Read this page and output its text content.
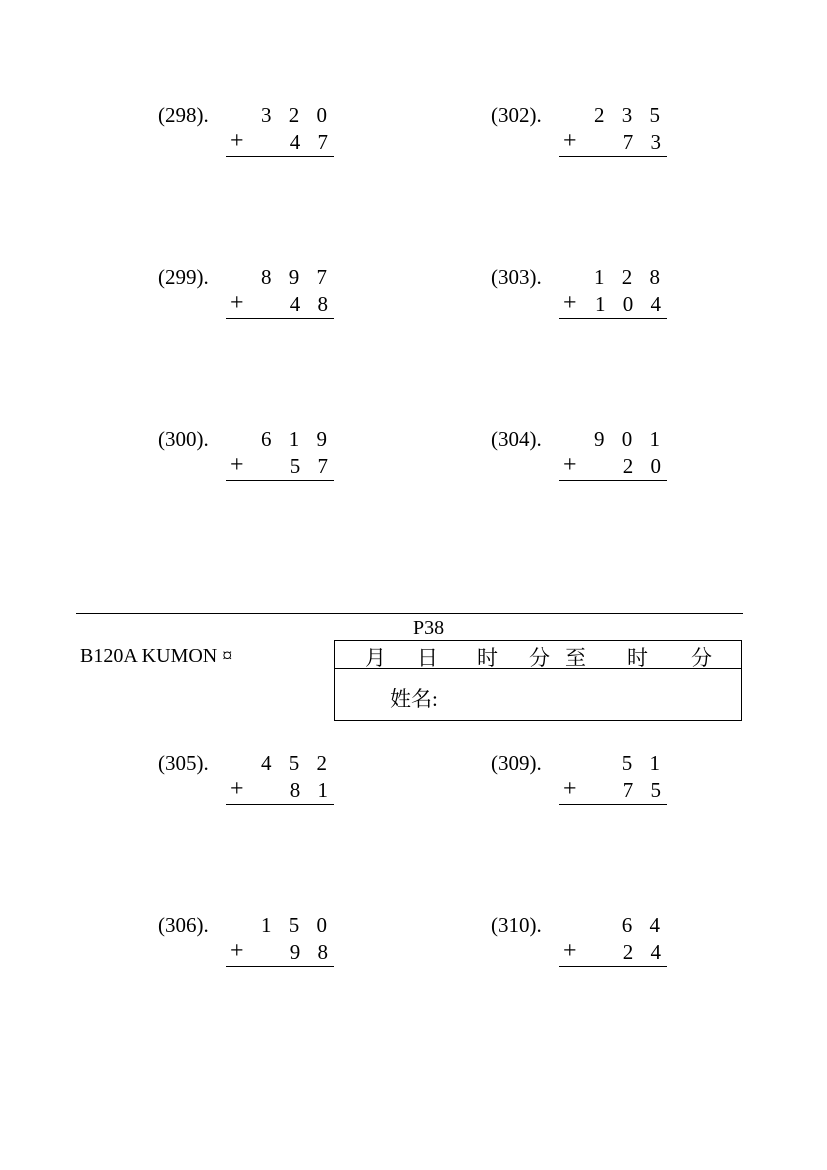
(298).	3 2 0
+ 4 7
(299).	8 9 7
+ 4 8
(300).	6 1 9
+ 5 7
(302).	2 3 5
+ 7 3
(303).	1 2 8
+ 1 0 4
(304).	9 0 1
+ 2 0
P38
B120A KUMON ¤	月 日 时 分 至 时 分
姓名:
(305).	4 5 2
+ 8 1
(306).	1 5 0
+ 9 8
(309).	5 1
+ 7 5
(310).	6 4
+ 2 4
